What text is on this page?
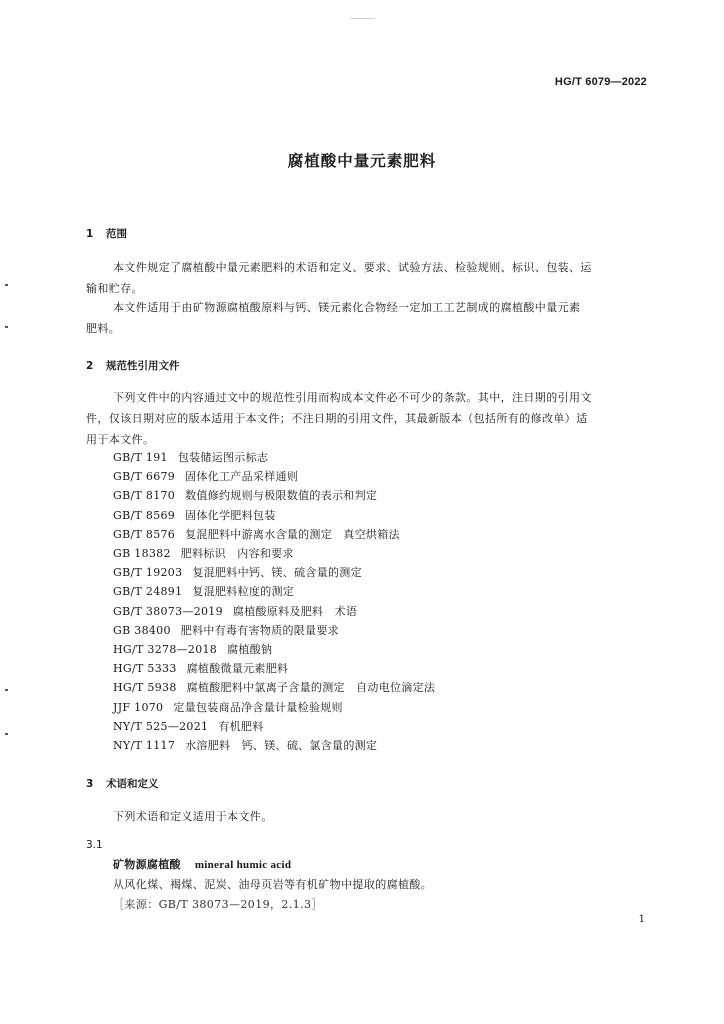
HG/T 6079—2022
腐植酸中量元素肥料
1 范围
本文件规定了腐植酸中量元素肥料的术语和定义、要求、试验方法、检验规则、标识、包装、运
输和贮存。
本文件适用于由矿物源腐植酸原料与钙、镁元素化合物经一定加工工艺制成的腐植酸中量元素
肥料。
2 规范性引用文件
下列文件中的内容通过文中的规范性引用而构成本文件必不可少的条款。其中，注日期的引用文
件，仅该日期对应的版本适用于本文件；不注日期的引用文件，其最新版本（包括所有的修改单）适
用于本文件。
GB/T 191 包装储运图示标志
GB/T 6679 固体化工产品采样通则
GB/T 8170 数值修约规则与极限数值的表示和判定
GB/T 8569 固体化学肥料包装
GB/T 8576 复混肥料中游离水含量的测定　真空烘箱法
GB 18382 肥料标识　内容和要求
GB/T 19203 复混肥料中钙、镁、硫含量的测定
GB/T 24891 复混肥料粒度的测定
GB/T 38073—2019 腐植酸原料及肥料　术语
GB 38400 肥料中有毒有害物质的限量要求
HG/T 3278—2018 腐植酸钠
HG/T 5333 腐植酸微量元素肥料
HG/T 5938 腐植酸肥料中氯离子含量的测定　自动电位滴定法
JJF 1070 定量包装商品净含量计量检验规则
NY/T 525—2021 有机肥料
NY/T 1117 水溶肥料　钙、镁、硫、氯含量的测定
3 术语和定义
下列术语和定义适用于本文件。
3.1
矿物源腐植酸 mineral humic acid
从风化煤、褐煤、泥炭、油母页岩等有机矿物中提取的腐植酸。
［来源：GB/T 38073—2019，2.1.3］
1
